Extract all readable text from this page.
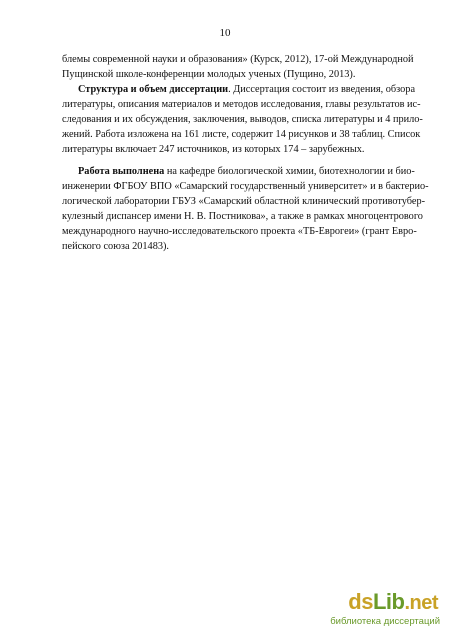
10
блемы современной науки и образования» (Курск, 2012), 17-ой Международной
Пущинской школе-конференции молодых ученых (Пущино, 2013).
Структура и объем диссертации. Диссертация состоит из введения, обзора
литературы, описания материалов и методов исследования, главы результатов ис-
следования и их обсуждения, заключения, выводов, списка литературы и 4 прило-
жений. Работа изложена на 161 листе, содержит 14 рисунков и 38 таблиц. Список
литературы включает 247 источников, из которых 174 – зарубежных.
Работа выполнена на кафедре биологической химии, биотехнологии и био-
инженерии ФГБОУ ВПО «Самарский государственный университет» и в бактерио-
логической лаборатории ГБУЗ «Самарский областной клинический противотубер-
кулезный диспансер имени Н. В. Постникова», а также в рамках многоцентрового
международного научно-исследовательского проекта «ТБ-Еврогеи» (грант Евро-
пейского союза 201483).
dsLib.net
библиотека диссертаций
